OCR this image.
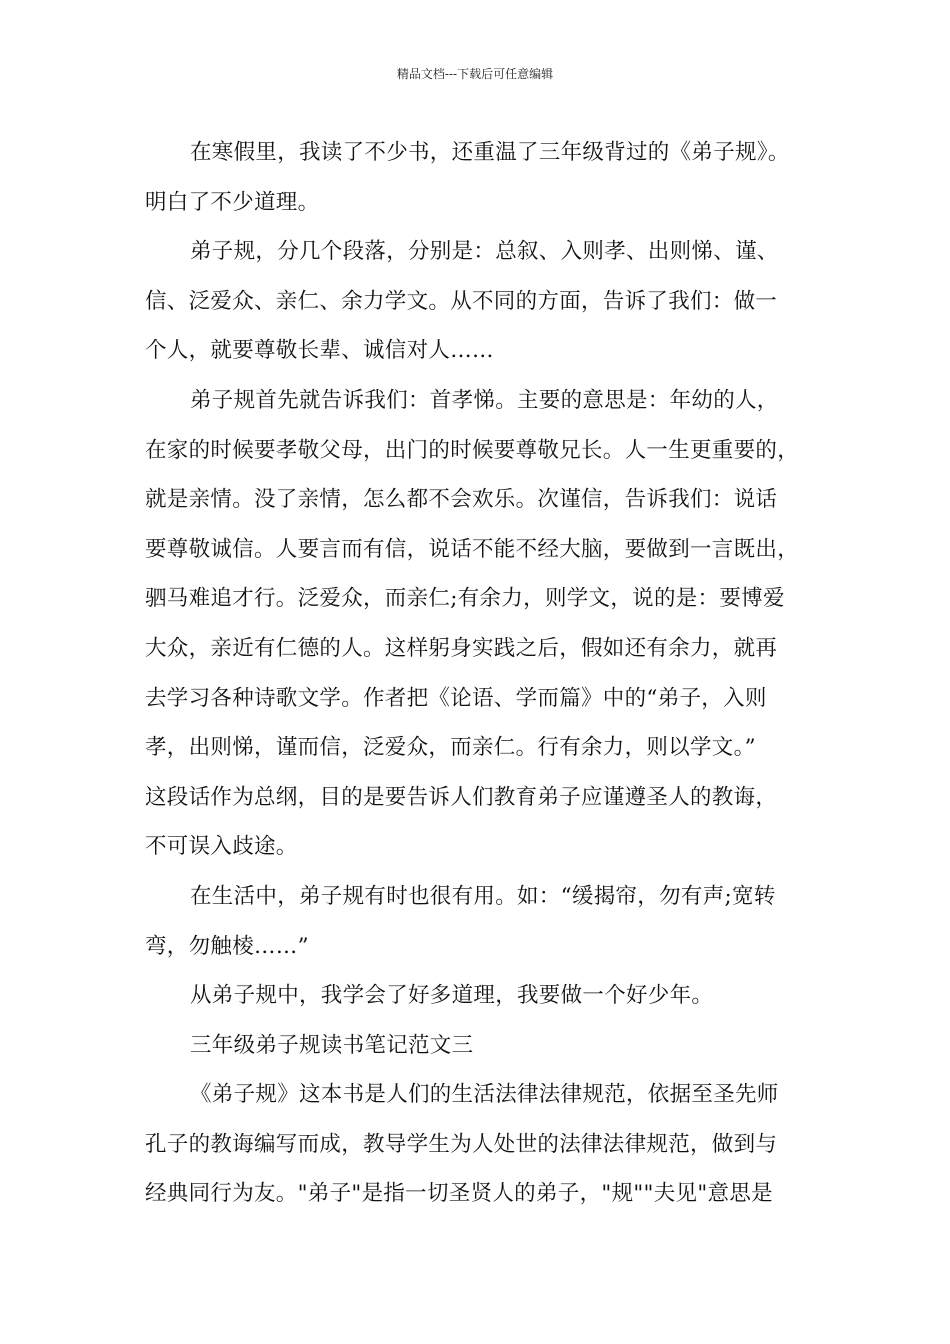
精品文档---下载后可任意编辑
在寒假里，我读了不少书，还重温了三年级背过的《弟子规》。
明白了不少道理。
弟子规，分几个段落，分别是：总叙、入则孝、出则悌、谨、
信、泛爱众、亲仁、余力学文。从不同的方面，告诉了我们：做一
个人，就要尊敬长辈、诚信对人……
弟子规首先就告诉我们：首孝悌。主要的意思是：年幼的人，
在家的时候要孝敬父母，出门的时候要尊敬兄长。人一生更重要的，
就是亲情。没了亲情，怎么都不会欢乐。次谨信，告诉我们：说话
要尊敬诚信。人要言而有信，说话不能不经大脑，要做到一言既出，
驷马难追才行。泛爱众，而亲仁;有余力，则学文，说的是：要博爱
大众，亲近有仁德的人。这样躬身实践之后，假如还有余力，就再
去学习各种诗歌文学。作者把《论语、学而篇》中的“弟子，入则
孝，出则悌，谨而信，泛爱众，而亲仁。行有余力，则以学文。”
这段话作为总纲，目的是要告诉人们教育弟子应谨遵圣人的教诲，
不可误入歧途。
在生活中，弟子规有时也很有用。如：“缓揭帘，勿有声;宽转
弯，勿触棱……”
从弟子规中，我学会了好多道理，我要做一个好少年。
三年级弟子规读书笔记范文三
《弟子规》这本书是人们的生活法律法律规范，依据至圣先师
孔子的教诲编写而成，教导学生为人处世的法律法律规范，做到与
经典同行为友。"弟子"是指一切圣贤人的弟子，"规""夫见"意思是
